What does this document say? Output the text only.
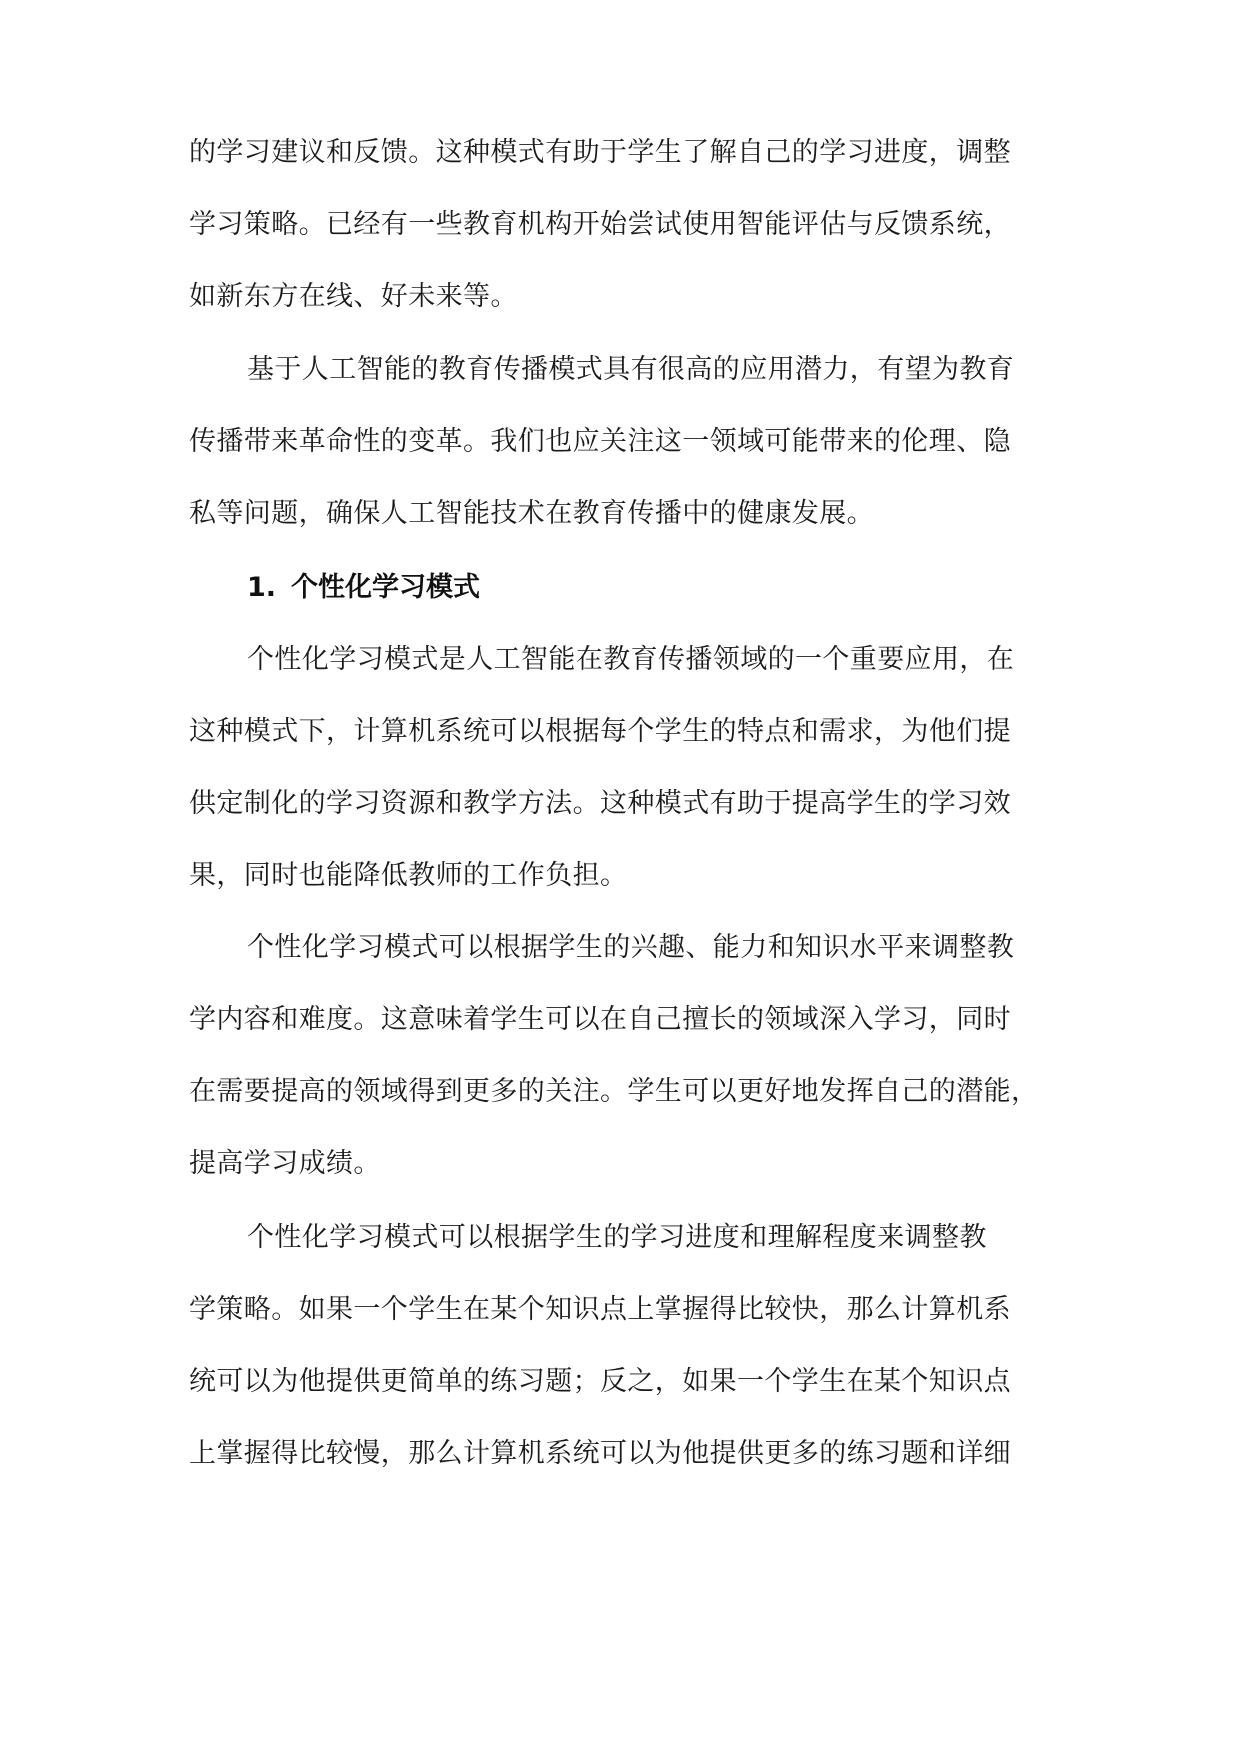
的学习建议和反馈。这种模式有助于学生了解自己的学习进度，调整
学习策略。已经有一些教育机构开始尝试使用智能评估与反馈系统，
如新东方在线、好未来等。
基于人工智能的教育传播模式具有很高的应用潜力，有望为教育
传播带来革命性的变革。我们也应关注这一领域可能带来的伦理、隐
私等问题，确保人工智能技术在教育传播中的健康发展。
1. 个性化学习模式
个性化学习模式是人工智能在教育传播领域的一个重要应用，在
这种模式下，计算机系统可以根据每个学生的特点和需求，为他们提
供定制化的学习资源和教学方法。这种模式有助于提高学生的学习效
果，同时也能降低教师的工作负担。
个性化学习模式可以根据学生的兴趣、能力和知识水平来调整教
学内容和难度。这意味着学生可以在自己擅长的领域深入学习，同时
在需要提高的领域得到更多的关注。学生可以更好地发挥自己的潜能，
提高学习成绩。
个性化学习模式可以根据学生的学习进度和理解程度来调整教
学策略。如果一个学生在某个知识点上掌握得比较快，那么计算机系
统可以为他提供更简单的练习题；反之，如果一个学生在某个知识点
上掌握得比较慢，那么计算机系统可以为他提供更多的练习题和详细
